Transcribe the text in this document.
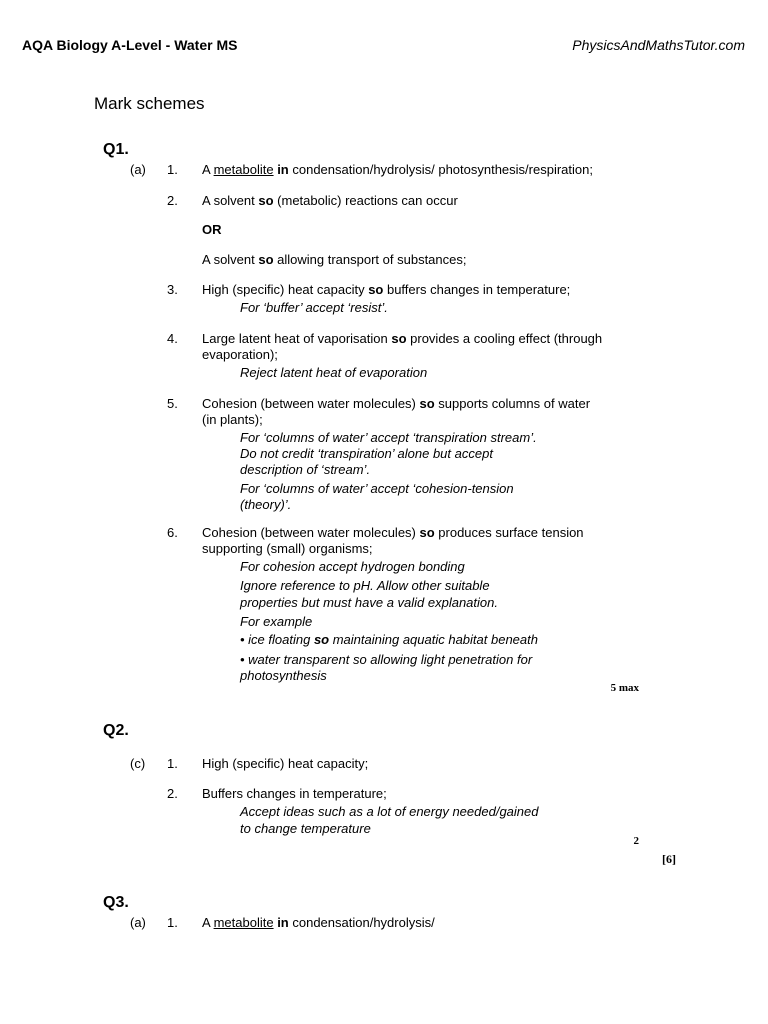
AQA Biology A-Level - Water MS	PhysicsAndMathsTutor.com
Mark schemes
Q1.
(a) 1. A metabolite in condensation/hydrolysis/ photosynthesis/respiration;
2. A solvent so (metabolic) reactions can occur
OR
A solvent so allowing transport of substances;
3. High (specific) heat capacity so buffers changes in temperature;
For ‘buffer’ accept ‘resist’.
4. Large latent heat of vaporisation so provides a cooling effect (through
evaporation);
Reject latent heat of evaporation
5. Cohesion (between water molecules) so supports columns of water
(in plants);
For ‘columns of water’ accept ‘transpiration stream’.
Do not credit ‘transpiration’ alone but accept
description of ‘stream’.
For ‘columns of water’ accept ‘cohesion-tension
(theory)’.
6. Cohesion (between water molecules) so produces surface tension
supporting (small) organisms;
For cohesion accept hydrogen bonding
Ignore reference to pH. Allow other suitable
properties but must have a valid explanation.
For example
• ice floating so maintaining aquatic habitat beneath
• water transparent so allowing light penetration for
photosynthesis
5 max
Q2.
(c) 1. High (specific) heat capacity;
2. Buffers changes in temperature;
Accept ideas such as a lot of energy needed/gained
to change temperature
2
[6]
Q3.
(a) 1. A metabolite in condensation/hydrolysis/
